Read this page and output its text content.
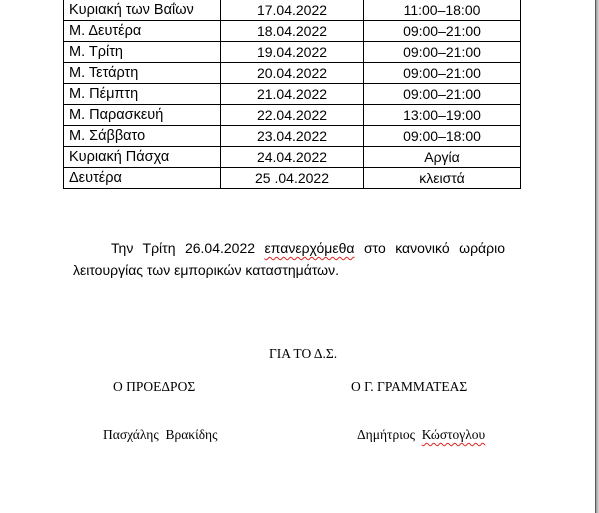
Κυριακή των Βαΐων	17.04.2022	11:00–18:00
Μ. Δευτέρα	18.04.2022	09:00–21:00
Μ. Τρίτη	19.04.2022	09:00–21:00
Μ. Τετάρτη	20.04.2022	09:00–21:00
Μ. Πέμπτη	21.04.2022	09:00–21:00
Μ. Παρασκευή	22.04.2022	13:00–19:00
Μ. Σάββατο	23.04.2022	09:00–18:00
Κυριακή Πάσχα	24.04.2022	Αργία
Δευτέρα	25 .04.2022	κλειστά

Την Τρίτη 26.04.2022 επανερχόμεθα στο κανονικό ωράριο λειτουργίας των εμπορικών καταστημάτων.

ΓΙΑ ΤΟ Δ.Σ.
Ο ΠΡΟΕΔΡΟΣ	Ο Γ. ΓΡΑΜΜΑΤΕΑΣ
Πασχάλης  Βρακίδης	Δημήτριος  Κώστογλου
